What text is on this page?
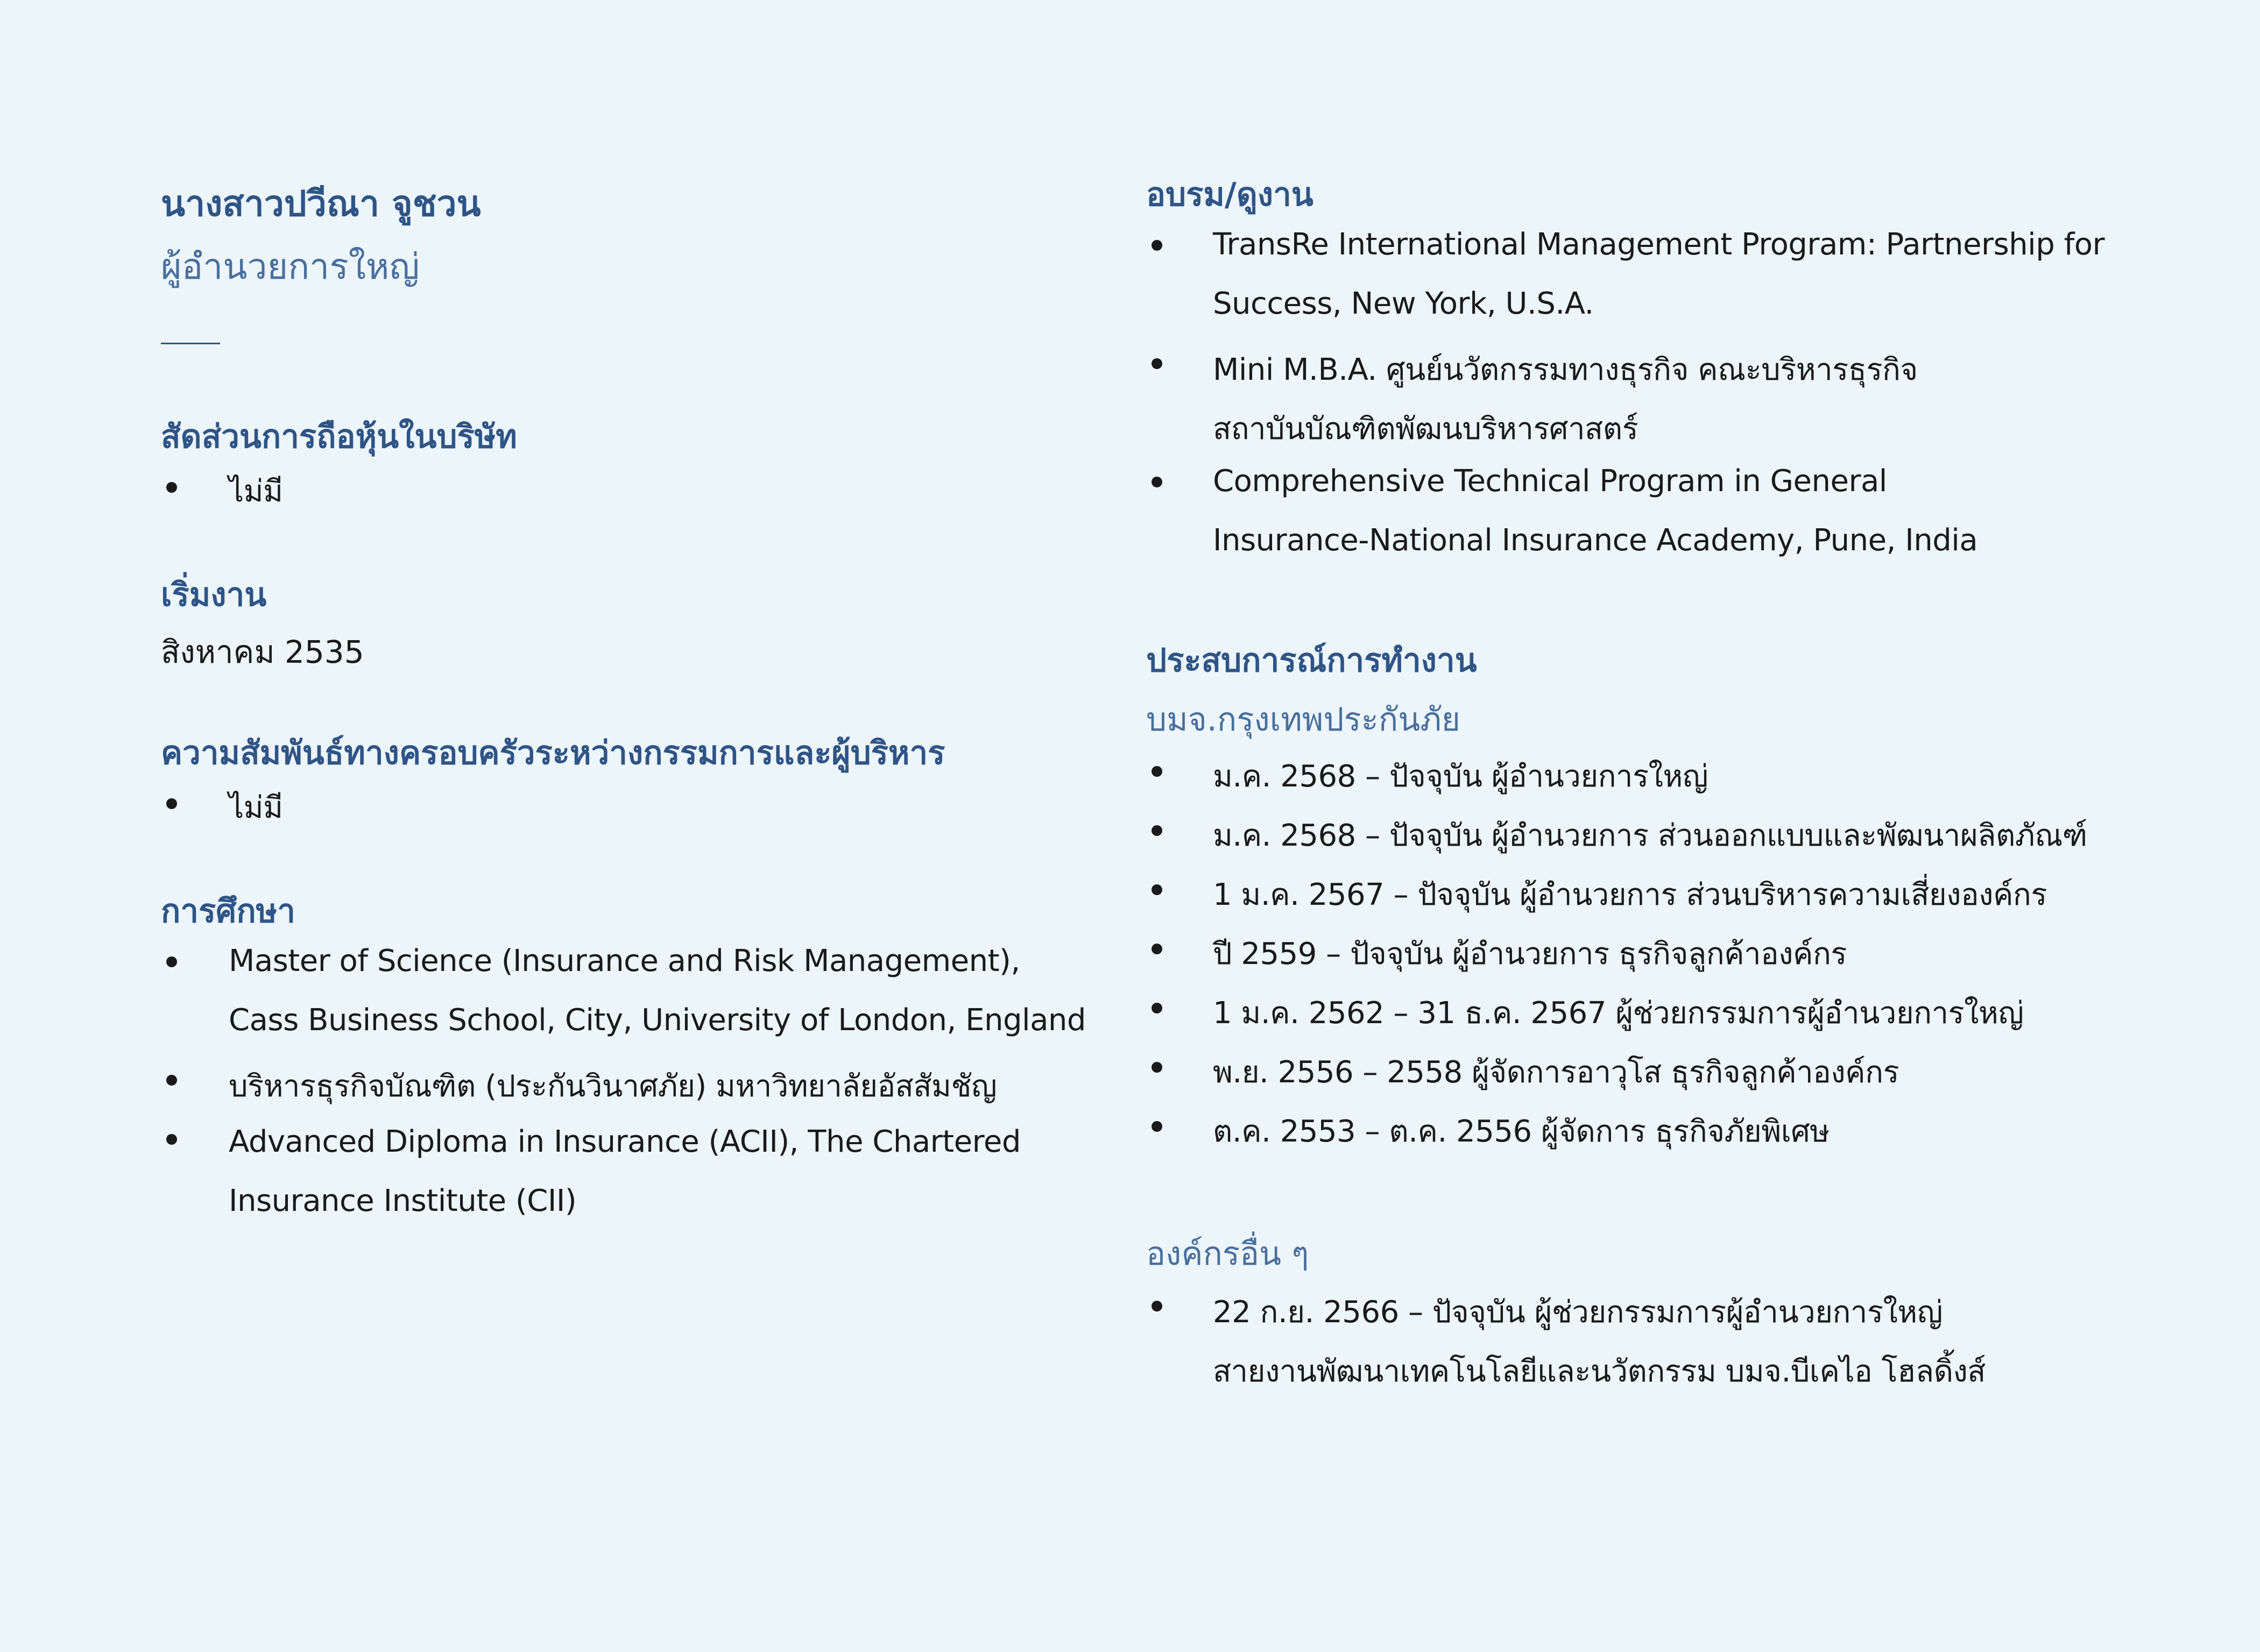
นางสาวปวีณา จูชวน
ผู้อำนวยการใหญ่
สัดส่วนการถือหุ้นในบริษัท
ไม่มี
เริ่มงาน
สิงหาคม 2535
ความสัมพันธ์ทางครอบครัวระหว่างกรรมการและผู้บริหาร
ไม่มี
การศึกษา
Master of Science (Insurance and Risk Management),
Cass Business School, City, University of London, England
บริหารธุรกิจบัณฑิต (ประกันวินาศภัย) มหาวิทยาลัยอัสสัมชัญ
Advanced Diploma in Insurance (ACII), The Chartered
Insurance Institute (CII)
อบรม/ดูงาน
TransRe International Management Program: Partnership for
Success, New York, U.S.A.
Mini M.B.A. ศูนย์นวัตกรรมทางธุรกิจ คณะบริหารธุรกิจ
สถาบันบัณฑิตพัฒนบริหารศาสตร์
Comprehensive Technical Program in General
Insurance-National Insurance Academy, Pune, India
ประสบการณ์การทำงาน
บมจ.กรุงเทพประกันภัย
ม.ค. 2568 – ปัจจุบัน ผู้อำนวยการใหญ่
ม.ค. 2568 – ปัจจุบัน ผู้อำนวยการ ส่วนออกแบบและพัฒนาผลิตภัณฑ์
1 ม.ค. 2567 – ปัจจุบัน ผู้อำนวยการ ส่วนบริหารความเสี่ยงองค์กร
ปี 2559 – ปัจจุบัน ผู้อำนวยการ ธุรกิจลูกค้าองค์กร
1 ม.ค. 2562 – 31 ธ.ค. 2567 ผู้ช่วยกรรมการผู้อำนวยการใหญ่
พ.ย. 2556 – 2558 ผู้จัดการอาวุโส ธุรกิจลูกค้าองค์กร
ต.ค. 2553 – ต.ค. 2556 ผู้จัดการ ธุรกิจภัยพิเศษ
องค์กรอื่น ๆ
22 ก.ย. 2566 – ปัจจุบัน ผู้ช่วยกรรมการผู้อำนวยการใหญ่
สายงานพัฒนาเทคโนโลยีและนวัตกรรม บมจ.บีเคไอ โฮลดิ้งส์
